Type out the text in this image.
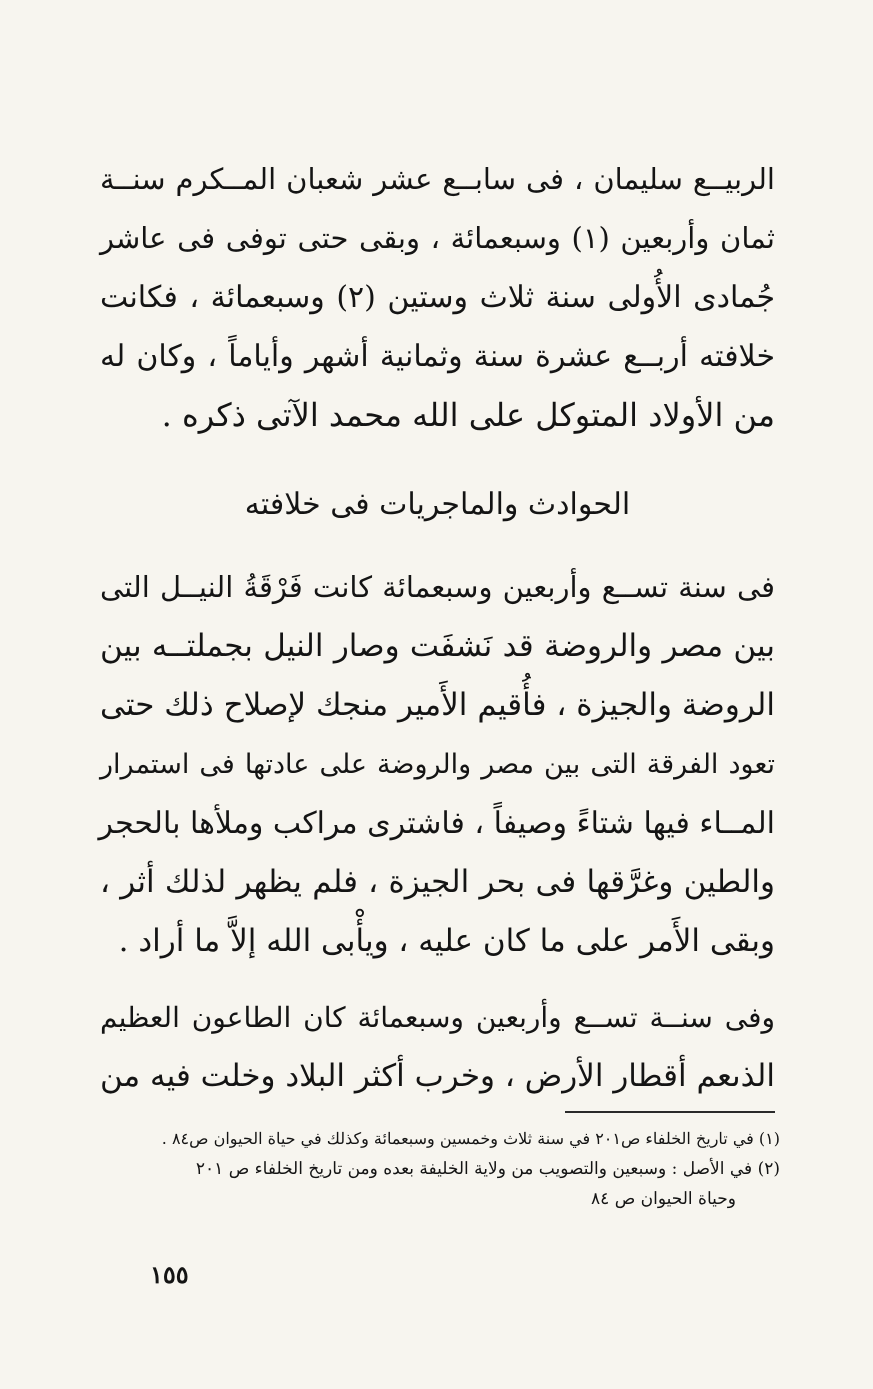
الربيــع سليمان ، فى سابــع عشر شعبان المــكرم سنــة
ثمان وأربعين (١) وسبعمائة ، وبقى حتى توفى فى عاشر
جُمادى الأُولى سنة ثلاث وستين (٢) وسبعمائة ، فكانت
خلافته أربــع عشرة سنة وثمانية أشهر وأياماً ، وكان له
من الأولاد المتوكل على الله محمد الآتى ذكره .
الحوادث والماجريات فى خلافته
فى سنة تســع وأربعين وسبعمائة كانت فَرْقَةُ النيــل التى
بين مصر والروضة قد نَشفَت وصار النيل بجملتــه بين
الروضة والجيزة ، فأُقيم الأَمير منجك لإصلاح ذلك حتى
تعود الفرقة التى بين مصر والروضة على عادتها فى استمرار
المــاء فيها شتاءً وصيفاً ، فاشترى مراكب وملأها بالحجر
والطين وغرَّقها فى بحر الجيزة ، فلم يظهر لذلك أثر ،
وبقى الأَمر على ما كان عليه ، ويأْبى الله إلاَّ ما أراد .
وفى سنــة تســع وأربعين وسبعمائة كان الطاعون العظيم
الذىعم أقطار الأرض ، وخرب أكثر البلاد وخلت فيه من
(١) في تاريخ الخلفاء ص٢٠١ في سنة ثلاث وخمسين وسبعمائة وكذلك في حياة الحيوان ص٨٤ .
(٢) في الأصل : وسبعين والتصويب من ولاية الخليفة بعده ومن تاريخ الخلفاء ص ٢٠١
وحياة الحيوان ص ٨٤
١٥٥
